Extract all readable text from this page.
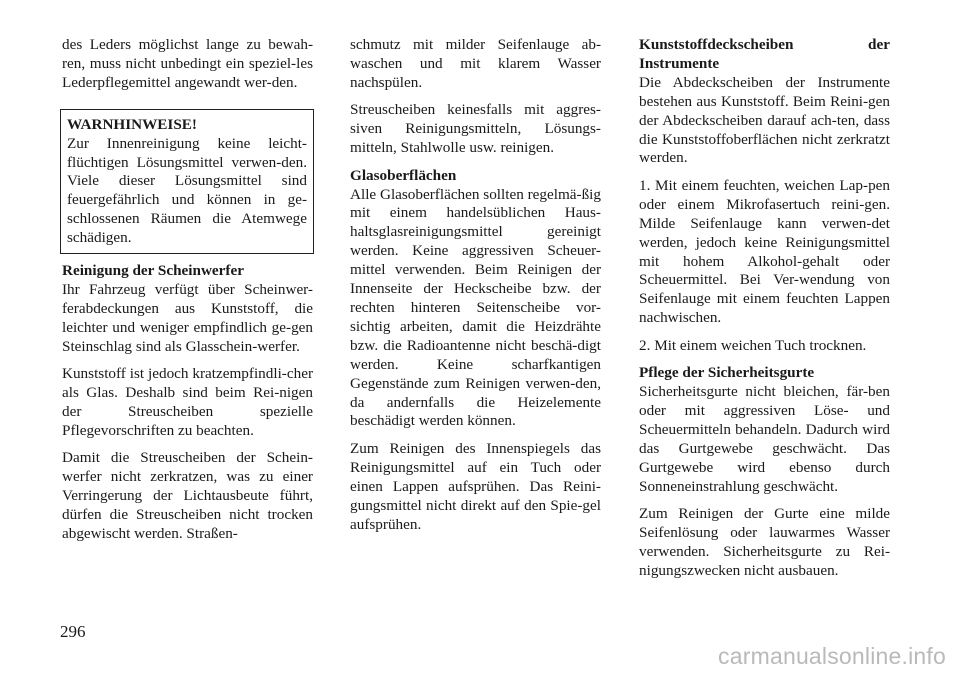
des Leders möglichst lange zu bewah-ren, muss nicht unbedingt ein speziel-les Lederpflegemittel angewandt wer-den.

WARNHINWEISE!

Zur Innenreinigung keine leicht-flüchtigen Lösungsmittel verwen-den. Viele dieser Lösungsmittel sind feuergefährlich und können in ge-schlossenen Räumen die Atemwege schädigen.

Reinigung der Scheinwerfer

Ihr Fahrzeug verfügt über Scheinwer-ferabdeckungen aus Kunststoff, die leichter und weniger empfindlich ge-gen Steinschlag sind als Glasschein-werfer.

Kunststoff ist jedoch kratzempfindli-cher als Glas. Deshalb sind beim Rei-nigen der Streuscheiben spezielle Pflegevorschriften zu beachten.

Damit die Streuscheiben der Schein-werfer nicht zerkratzen, was zu einer Verringerung der Lichtausbeute führt, dürfen die Streuscheiben nicht trocken abgewischt werden. Straßen-

schmutz mit milder Seifenlauge ab-waschen und mit klarem Wasser nachspülen.

Streuscheiben keinesfalls mit aggres-siven Reinigungsmitteln, Lösungs-mitteln, Stahlwolle usw. reinigen.

Glasoberflächen

Alle Glasoberflächen sollten regelmä-ßig mit einem handelsüblichen Haus-haltsglasreinigungsmittel gereinigt werden. Keine aggressiven Scheuer-mittel verwenden. Beim Reinigen der Innenseite der Heckscheibe bzw. der rechten hinteren Seitenscheibe vor-sichtig arbeiten, damit die Heizdrähte bzw. die Radioantenne nicht beschä-digt werden. Keine scharfkantigen Gegenstände zum Reinigen verwen-den, da andernfalls die Heizelemente beschädigt werden können.

Zum Reinigen des Innenspiegels das Reinigungsmittel auf ein Tuch oder einen Lappen aufsprühen. Das Reini-gungsmittel nicht direkt auf den Spie-gel aufsprühen.

Kunststoffdeckscheiben der Instrumente

Die Abdeckscheiben der Instrumente bestehen aus Kunststoff. Beim Reini-gen der Abdeckscheiben darauf ach-ten, dass die Kunststoffoberflächen nicht zerkratzt werden.

1. Mit einem feuchten, weichen Lap-pen oder einem Mikrofasertuch reini-gen. Milde Seifenlauge kann verwen-det werden, jedoch keine Reinigungsmittel mit hohem Alkohol-gehalt oder Scheuermittel. Bei Ver-wendung von Seifenlauge mit einem feuchten Lappen nachwischen.

2. Mit einem weichen Tuch trocknen.

Pflege der Sicherheitsgurte

Sicherheitsgurte nicht bleichen, fär-ben oder mit aggressiven Löse- und Scheuermitteln behandeln. Dadurch wird das Gurtgewebe geschwächt. Das Gurtgewebe wird ebenso durch Sonneneinstrahlung geschwächt.

Zum Reinigen der Gurte eine milde Seifenlösung oder lauwarmes Wasser verwenden. Sicherheitsgurte zu Rei-nigungszwecken nicht ausbauen.

296
carmanualsonline.info
